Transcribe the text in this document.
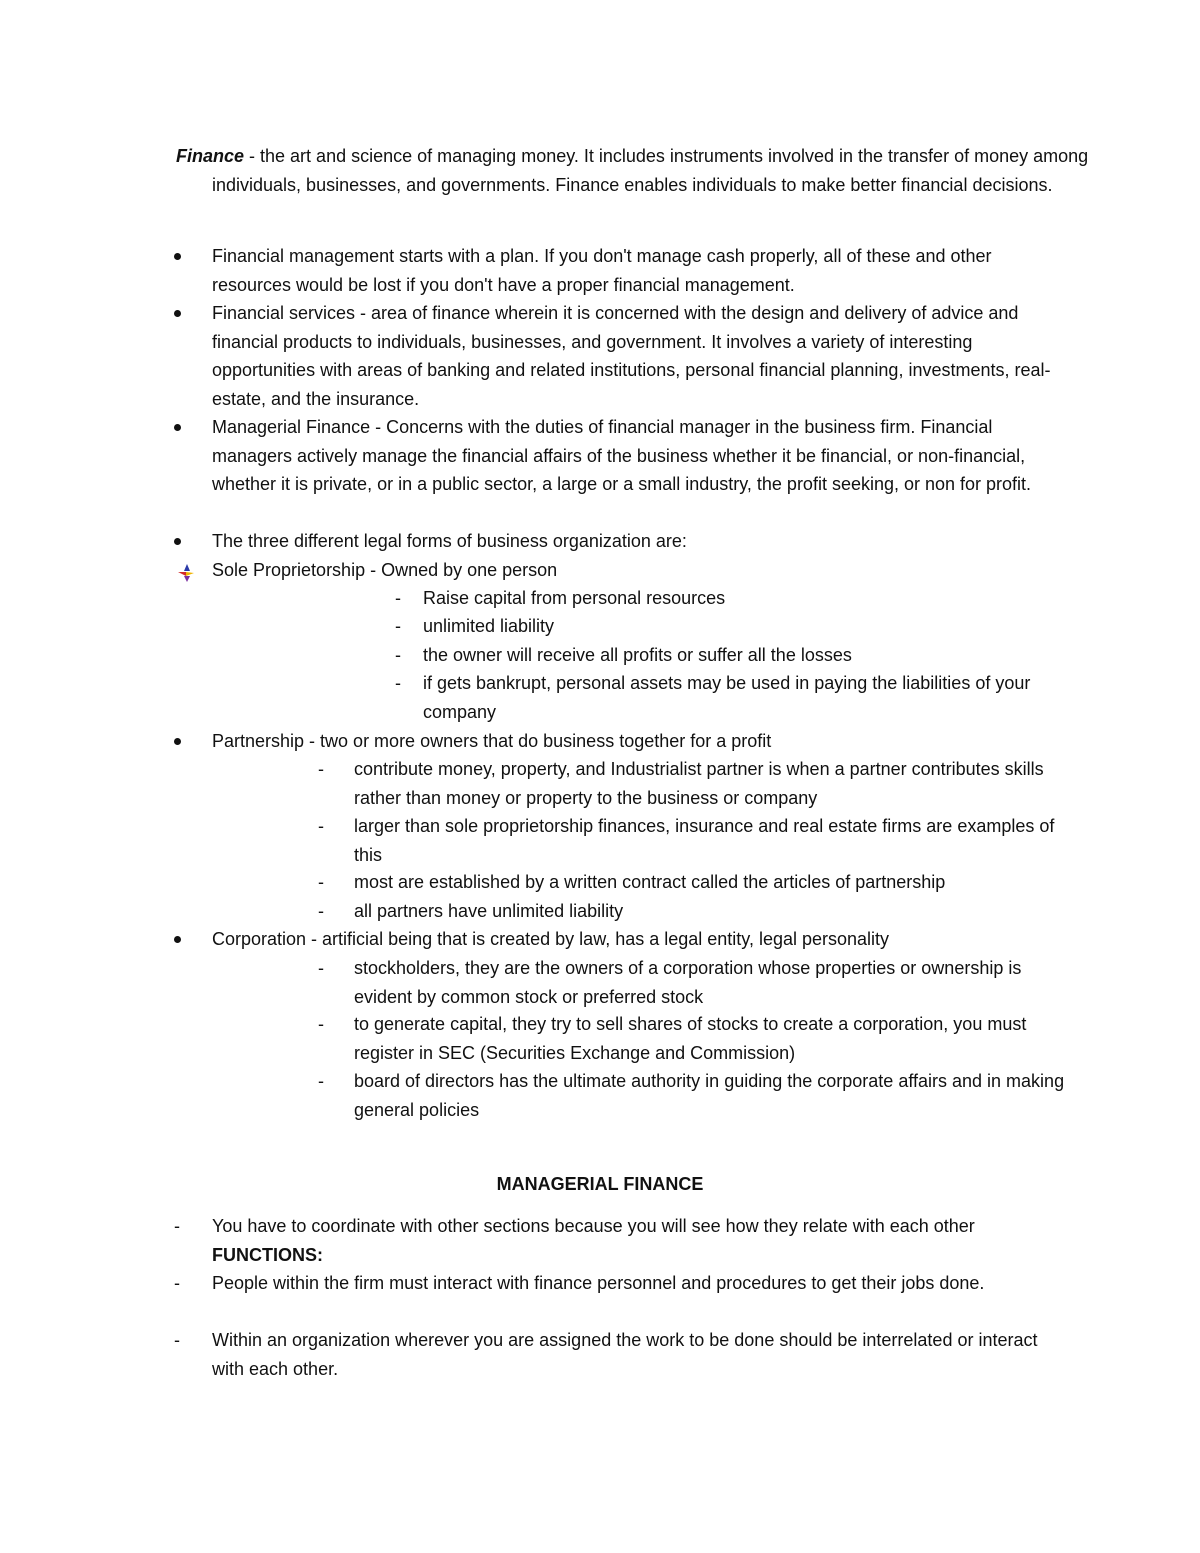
Finance - the art and science of managing money. It includes instruments involved in the transfer of money among individuals, businesses, and governments. Finance enables individuals to make better financial decisions.

Financial management starts with a plan. If you don't manage cash properly, all of these and other resources would be lost if you don't have a proper financial management.
Financial services - area of finance wherein it is concerned with the design and delivery of advice and financial products to individuals, businesses, and government. It involves a variety of interesting opportunities with areas of banking and related institutions, personal financial planning, investments, real-estate, and the insurance.
Managerial Finance - Concerns with the duties of financial manager in the business firm. Financial managers actively manage the financial affairs of the business whether it be financial, or non-financial, whether it is private, or in a public sector, a large or a small industry, the profit seeking, or non for profit.
The three different legal forms of business organization are:
Sole Proprietorship - Owned by one person
- Raise capital from personal resources
- unlimited liability
- the owner will receive all profits or suffer all the losses
- if gets bankrupt, personal assets may be used in paying the liabilities of your company
Partnership - two or more owners that do business together for a profit
- contribute money, property, and Industrialist partner is when a partner contributes skills rather than money or property to the business or company
- larger than sole proprietorship finances, insurance and real estate firms are examples of this
- most are established by a written contract called the articles of partnership
- all partners have unlimited liability
Corporation - artificial being that is created by law, has a legal entity, legal personality
- stockholders, they are the owners of a corporation whose properties or ownership is evident by common stock or preferred stock
- to generate capital, they try to sell shares of stocks to create a corporation, you must register in SEC (Securities Exchange and Commission)
- board of directors has the ultimate authority in guiding the corporate affairs and in making general policies
MANAGERIAL FINANCE
- You have to coordinate with other sections because you will see how they relate with each other
FUNCTIONS:
- People within the firm must interact with finance personnel and procedures to get their jobs done.
- Within an organization wherever you are assigned the work to be done should be interrelated or interact with each other.
